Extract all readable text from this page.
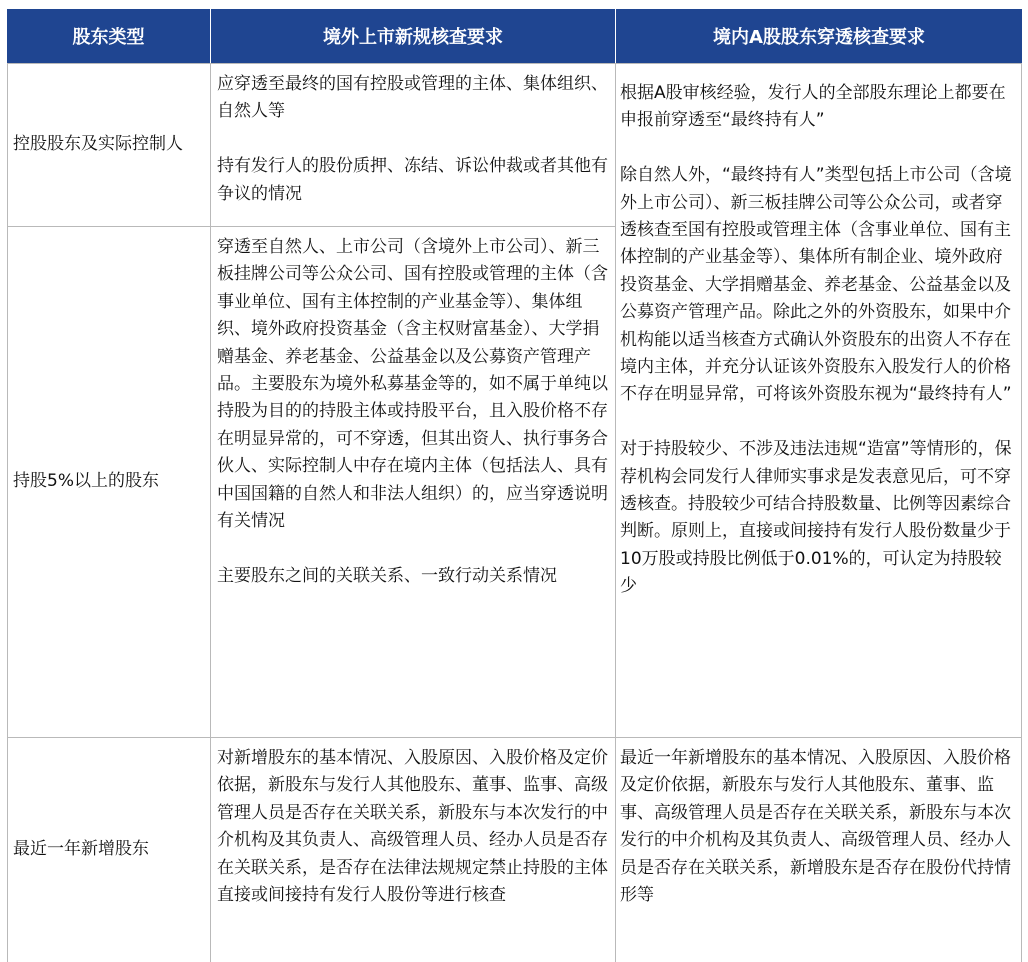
股东类型	境外上市新规核查要求	境内A股股东穿透核查要求
控股股东及实际控制人

应穿透至最终的国有控股或管理的主体、集体组织、自然人等

持有发行人的股份质押、冻结、诉讼仲裁或者其他有争议的情况

持股5%以上的股东

穿透至自然人、上市公司（含境外上市公司）、新三板挂牌公司等公众公司、国有控股或管理的主体（含事业单位、国有主体控制的产业基金等）、集体组织、境外政府投资基金（含主权财富基金）、大学捐赠基金、养老基金、公益基金以及公募资产管理产品。主要股东为境外私募基金等的，如不属于单纯以持股为目的的持股主体或持股平台，且入股价格不存在明显异常的，可不穿透，但其出资人、执行事务合伙人、实际控制人中存在境内主体（包括法人、具有中国国籍的自然人和非法人组织）的，应当穿透说明有关情况

主要股东之间的关联关系、一致行动关系情况

根据A股审核经验，发行人的全部股东理论上都要在申报前穿透至“最终持有人”

除自然人外，“最终持有人”类型包括上市公司（含境外上市公司）、新三板挂牌公司等公众公司，或者穿透核查至国有控股或管理主体（含事业单位、国有主体控制的产业基金等）、集体所有制企业、境外政府投资基金、大学捐赠基金、养老基金、公益基金以及公募资产管理产品。除此之外的外资股东，如果中介机构能以适当核查方式确认外资股东的出资人不存在境内主体，并充分认证该外资股东入股发行人的价格不存在明显异常，可将该外资股东视为“最终持有人”

对于持股较少、不涉及违法违规“造富”等情形的，保荐机构会同发行人律师实事求是发表意见后，可不穿透核查。持股较少可结合持股数量、比例等因素综合判断。原则上，直接或间接持有发行人股份数量少于10万股或持股比例低于0.01%的，可认定为持股较少

最近一年新增股东

对新增股东的基本情况、入股原因、入股价格及定价依据，新股东与发行人其他股东、董事、监事、高级管理人员是否存在关联关系，新股东与本次发行的中介机构及其负责人、高级管理人员、经办人员是否存在关联关系，是否存在法律法规规定禁止持股的主体直接或间接持有发行人股份等进行核查

最近一年新增股东的基本情况、入股原因、入股价格及定价依据，新股东与发行人其他股东、董事、监事、高级管理人员是否存在关联关系，新股东与本次发行的中介机构及其负责人、高级管理人员、经办人员是否存在关联关系，新增股东是否存在股份代持情形等
